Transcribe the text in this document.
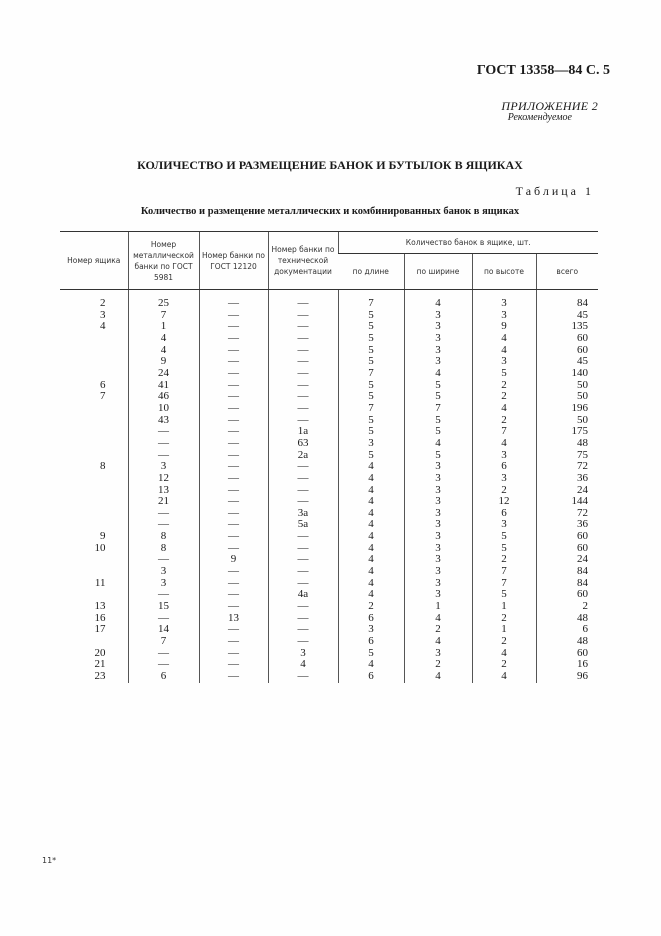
ГОСТ 13358—84 С. 5
ПРИЛОЖЕНИЕ 2
Рекомендуемое
КОЛИЧЕСТВО И РАЗМЕЩЕНИЕ БАНОК И БУТЫЛОК В ЯЩИКАХ
Таблица 1
Количество и размещение металлических и комбинированных банок в ящиках
Номер ящика	Номер металлической банки по ГОСТ 5981	Номер банки по ГОСТ 12120	Номер банки по технической документации	Количество банок в ящике, шт.			
				по длине	по ширине	по высоте	всего

2	25	—	—	7	4	3	84
3	7	—	—	5	3	3	45
4	1	—	—	5	3	9	135
	4	—	—	5	3	4	60
	4	—	—	5	3	4	60
	9	—	—	5	3	3	45
	24	—	—	7	4	5	140
6	41	—	—	5	5	2	50
7	46	—	—	5	5	2	50
	10	—	—	7	7	4	196
	43	—	—	5	5	2	50
	—	—	1а	5	5	7	175
	—	—	63	3	4	4	48
	—	—	2а	5	5	3	75
8	3	—	—	4	3	6	72
	12	—	—	4	3	3	36
	13	—	—	4	3	2	24
	21	—	—	4	3	12	144
	—	—	3а	4	3	6	72
	—	—	5а	4	3	3	36
9	8	—	—	4	3	5	60
10	8	—	—	4	3	5	60
	—	9	—	4	3	2	24
	3	—	—	4	3	7	84
11	3	—	—	4	3	7	84
	—	—	4а	4	3	5	60
13	15	—	—	2	1	1	2
16	—	13	—	6	4	2	48
17	14	—	—	3	2	1	6
	7	—	—	6	4	2	48
20	—	—	3	5	3	4	60
21	—	—	4	4	2	2	16
23	6	—	—	6	4	4	96
11*
